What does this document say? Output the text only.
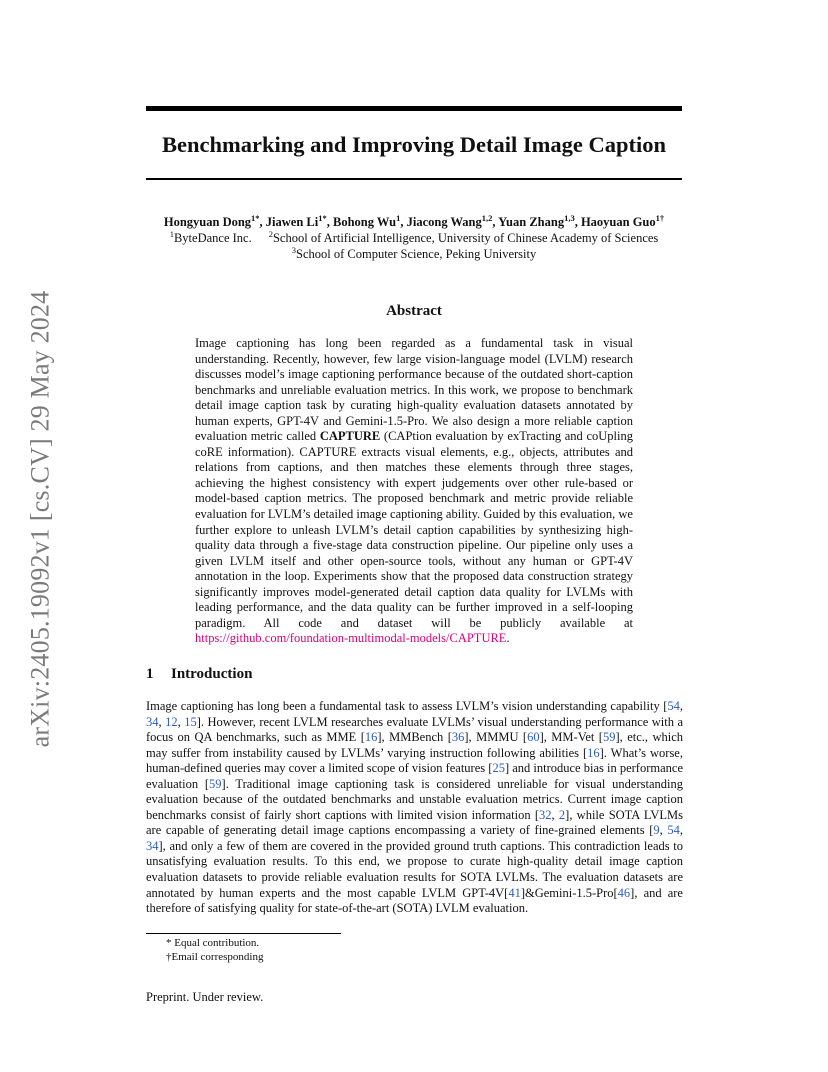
arXiv:2405.19092v1 [cs.CV] 29 May 2024
Benchmarking and Improving Detail Image Caption
Hongyuan Dong$^{1*}$, Jiawen $Li^{1*}$, Bohong Wu$^1$, Jiacong Wang$^{1,2}$, Yuan Zhang$^{1,3}$, Haoyuan Guo$^{1\dagger}$
$^1$ByteDance Inc. $^2$School of Artificial Intelligence, University of Chinese Academy of Sciences
$^3$School of Computer Science, Peking University
Abstract

Image captioning has long been regarded as a fundamental task in visual understanding. Recently, however, few large vision-language model (LVLM) research discusses model’s image captioning performance because of the outdated short-caption benchmarks and unreliable evaluation metrics. In this work, we propose to benchmark detail image caption task by curating high-quality evaluation datasets annotated by human experts, GPT-4V and Gemini-1.5-Pro. We also design a more reliable caption evaluation metric called CAPTURE (CAPtion evaluation by exTracting and coUpling coRE information). CAPTURE extracts visual elements, e.g., objects, attributes and relations from captions, and then matches these elements through three stages, achieving the highest consistency with expert judgements over other rule-based or model-based caption metrics. The proposed benchmark and metric provide reliable evaluation for LVLM’s detailed image captioning ability. Guided by this evaluation, we further explore to unleash LVLM’s detail caption capabilities by synthesizing high-quality data through a five-stage data construction pipeline. Our pipeline only uses a given LVLM itself and other open-source tools, without any human or GPT-4V annotation in the loop. Experiments show that the proposed data construction strategy significantly improves model-generated detail caption data quality for LVLMs with leading performance, and the data quality can be further improved in a self-looping paradigm. All code and dataset will be publicly available at https://github.com/foundation-multimodal-models/CAPTURE.

1 Introduction

Image captioning has long been a fundamental task to assess LVLM’s vision understanding capability [54, 34, 12, 15]. However, recent LVLM researches evaluate LVLMs’ visual understanding performance with a focus on QA benchmarks, such as MME [16], MMBench [36], MMMU [60], MM-Vet [59], etc., which may suffer from instability caused by LVLMs’ varying instruction following abilities [16]. What’s worse, human-defined queries may cover a limited scope of vision features [25] and introduce bias in performance evaluation [59]. Traditional image captioning task is considered unreliable for visual understanding evaluation because of the outdated benchmarks and unstable evaluation metrics. Current image caption benchmarks consist of fairly short captions with limited vision information [32, 2], while SOTA LVLMs are capable of generating detail image captions encompassing a variety of fine-grained elements [9, 54, 34], and only a few of them are covered in the provided ground truth captions. This contradiction leads to unsatisfying evaluation results. To this end, we propose to curate high-quality detail image caption evaluation datasets to provide reliable evaluation results for SOTA LVLMs. The evaluation datasets are annotated by human experts and the most capable LVLM GPT-4V[41]&Gemini-1.5-Pro[46], and are therefore of satisfying quality for state-of-the-art (SOTA) LVLM evaluation.

* Equal contribution.
†Email corresponding
Preprint. Under review.
